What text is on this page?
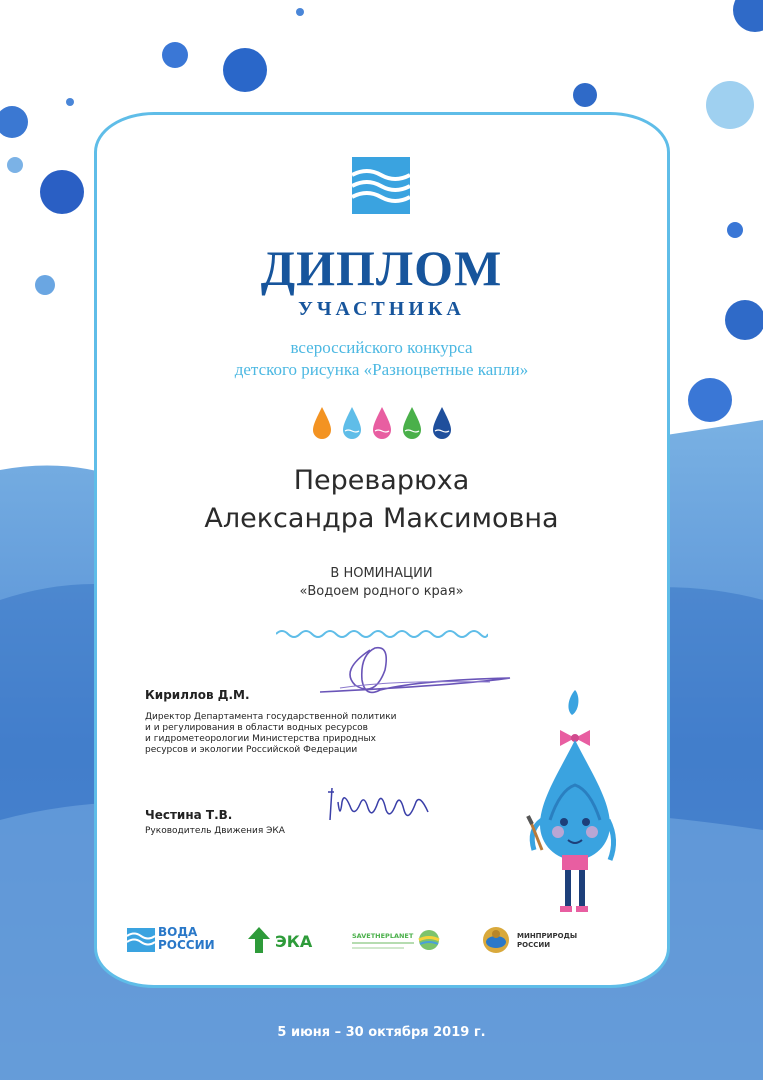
ДИПЛОМ
УЧАСТНИКА
всероссийского конкурса
детского рисунка «Разноцветные капли»
Переварюха
Александра Максимовна
В НОМИНАЦИИ
«Водоем родного края»
Кириллов Д.М.
Директор Департамента государственной политики
и и регулирования в области водных ресурсов
и гидрометеорологии Министерства природных
ресурсов и экологии Российской Федерации
Честина Т.В.
Руководитель Движения ЭКА
ВОДА
РОССИИ	ЭКА	SAVETHEPLANET	МИНПРИРОДЫ
РОССИИ
5 июня – 30 октября 2019 г.
